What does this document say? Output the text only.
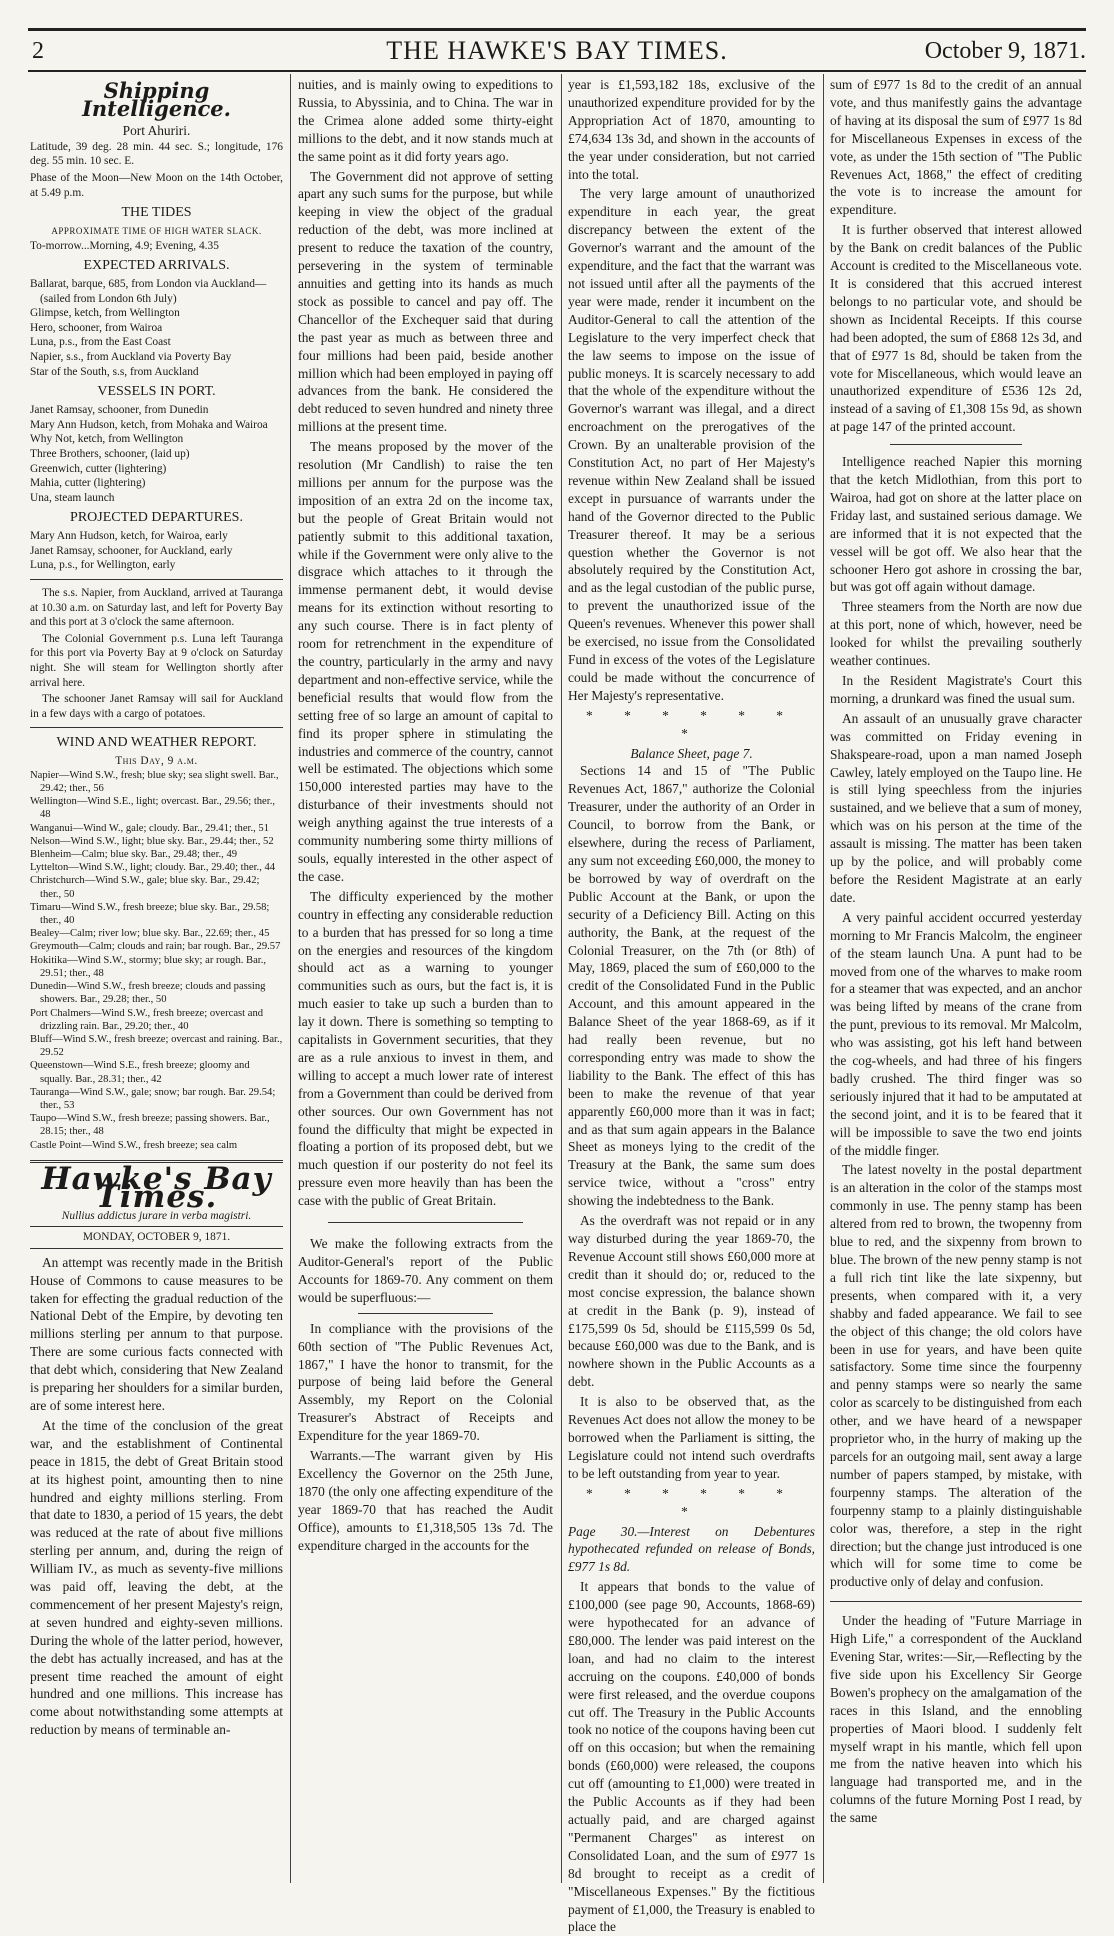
2	THE HAWKE'S BAY TIMES.	October 9, 1871.
Shipping Intelligence.
Port Ahuriri.

Latitude, 39 deg. 28 min. 44 sec. S.; longitude, 176 deg. 55 min. 10 sec. E.

Phase of the Moon—New Moon on the 14th October, at 5.49 p.m.

THE TIDES
APPROXIMATE TIME OF HIGH WATER SLACK.

To-morrow...Morning, 4.9; Evening, 4.35

EXPECTED ARRIVALS.
Ballarat, barque, 685, from London via Auckland—(sailed from London 6th July)
Glimpse, ketch, from Wellington
Hero, schooner, from Wairoa
Luna, p.s., from the East Coast
Napier, s.s., from Auckland via Poverty Bay
Star of the South, s.s, from Auckland
VESSELS IN PORT.
Janet Ramsay, schooner, from Dunedin
Mary Ann Hudson, ketch, from Mohaka and Wairoa
Why Not, ketch, from Wellington
Three Brothers, schooner, (laid up)
Greenwich, cutter (lightering)
Mahia, cutter (lightering)
Una, steam launch
PROJECTED DEPARTURES.
Mary Ann Hudson, ketch, for Wairoa, early
Janet Ramsay, schooner, for Auckland, early
Luna, p.s., for Wellington, early

The s.s. Napier, from Auckland, arrived at Tauranga at 10.30 a.m. on Saturday last, and left for Poverty Bay and this port at 3 o'clock the same afternoon.

The Colonial Government p.s. Luna left Tauranga for this port via Poverty Bay at 9 o'clock on Saturday night. She will steam for Wellington shortly after arrival here.

The schooner Janet Ramsay will sail for Auckland in a few days with a cargo of potatoes.

WIND AND WEATHER REPORT.
This Day, 9 a.m.
Napier—Wind S.W., fresh; blue sky; sea slight swell. Bar., 29.42; ther., 56
Wellington—Wind S.E., light; overcast. Bar., 29.56; ther., 48
Wanganui—Wind W., gale; cloudy. Bar., 29.41; ther., 51
Nelson—Wind S.W., light; blue sky. Bar., 29.44; ther., 52
Blenheim—Calm; blue sky. Bar., 29.48; ther., 49
Lyttelton—Wind S.W., light; cloudy. Bar., 29.40; ther., 44
Christchurch—Wind S.W., gale; blue sky. Bar., 29.42; ther., 50
Timaru—Wind S.W., fresh breeze; blue sky. Bar., 29.58; ther., 40
Bealey—Calm; river low; blue sky. Bar., 22.69; ther., 45
Greymouth—Calm; clouds and rain; bar rough. Bar., 29.57
Hokitika—Wind S.W., stormy; blue sky; ar rough. Bar., 29.51; ther., 48
Dunedin—Wind S.W., fresh breeze; clouds and passing showers. Bar., 29.28; ther., 50
Port Chalmers—Wind S.W., fresh breeze; overcast and drizzling rain. Bar., 29.20; ther., 40
Bluff—Wind S.W., fresh breeze; overcast and raining. Bar., 29.52
Queenstown—Wind S.E., fresh breeze; gloomy and squally. Bar., 28.31; ther., 42
Tauranga—Wind S.W., gale; snow; bar rough. Bar. 29.54; ther., 53
Taupo—Wind S.W., fresh breeze; passing showers. Bar., 28.15; ther., 48
Castle Point—Wind S.W., fresh breeze; sea calm
Hawke's Bay Times.
Nullius addictus jurare in verba magistri.
MONDAY, OCTOBER 9, 1871.

An attempt was recently made in the British House of Commons to cause measures to be taken for effecting the gradual reduction of the National Debt of the Empire, by devoting ten millions sterling per annum to that purpose. There are some curious facts connected with that debt which, considering that New Zealand is preparing her shoulders for a similar burden, are of some interest here.

At the time of the conclusion of the great war, and the establishment of Continental peace in 1815, the debt of Great Britain stood at its highest point, amounting then to nine hundred and eighty millions sterling. From that date to 1830, a period of 15 years, the debt was reduced at the rate of about five millions sterling per annum, and, during the reign of William IV., as much as seventy-five millions was paid off, leaving the debt, at the commencement of her present Majesty's reign, at seven hundred and eighty-seven millions. During the whole of the latter period, however, the debt has actually increased, and has at the present time reached the amount of eight hundred and one millions. This increase has come about notwithstanding some attempts at reduction by means of terminable an-

nuities, and is mainly owing to expeditions to Russia, to Abyssinia, and to China. The war in the Crimea alone added some thirty-eight millions to the debt, and it now stands much at the same point as it did forty years ago.

The Government did not approve of setting apart any such sums for the purpose, but while keeping in view the object of the gradual reduction of the debt, was more inclined at present to reduce the taxation of the country, persevering in the system of terminable annuities and getting into its hands as much stock as possible to cancel and pay off. The Chancellor of the Exchequer said that during the past year as much as between three and four millions had been paid, beside another million which had been employed in paying off advances from the bank. He considered the debt reduced to seven hundred and ninety three millions at the present time.

The means proposed by the mover of the resolution (Mr Candlish) to raise the ten millions per annum for the purpose was the imposition of an extra 2d on the income tax, but the people of Great Britain would not patiently submit to this additional taxation, while if the Government were only alive to the disgrace which attaches to it through the immense permanent debt, it would devise means for its extinction without resorting to any such course. There is in fact plenty of room for retrenchment in the expenditure of the country, particularly in the army and navy department and non-effective service, while the beneficial results that would flow from the setting free of so large an amount of capital to find its proper sphere in stimulating the industries and commerce of the country, cannot well be estimated. The objections which some 150,000 interested parties may have to the disturbance of their investments should not weigh anything against the true interests of a community numbering some thirty millions of souls, equally interested in the other aspect of the case.

The difficulty experienced by the mother country in effecting any considerable reduction to a burden that has pressed for so long a time on the energies and resources of the kingdom should act as a warning to younger communities such as ours, but the fact is, it is much easier to take up such a burden than to lay it down. There is something so tempting to capitalists in Government securities, that they are as a rule anxious to invest in them, and willing to accept a much lower rate of interest from a Government than could be derived from other sources. Our own Government has not found the difficulty that might be expected in floating a portion of its proposed debt, but we much question if our posterity do not feel its pressure even more heavily than has been the case with the public of Great Britain.

We make the following extracts from the Auditor-General's report of the Public Accounts for 1869-70. Any comment on them would be superfluous:—

In compliance with the provisions of the 60th section of "The Public Revenues Act, 1867," I have the honor to transmit, for the purpose of being laid before the General Assembly, my Report on the Colonial Treasurer's Abstract of Receipts and Expenditure for the year 1869-70.

Warrants.—The warrant given by His Excellency the Governor on the 25th June, 1870 (the only one affecting expenditure of the year 1869-70 that has reached the Audit Office), amounts to £1,318,505 13s 7d. The expenditure charged in the accounts for the

year is £1,593,182 18s, exclusive of the unauthorized expenditure provided for by the Appropriation Act of 1870, amounting to £74,634 13s 3d, and shown in the accounts of the year under consideration, but not carried into the total.

The very large amount of unauthorized expenditure in each year, the great discrepancy between the extent of the Governor's warrant and the amount of the expenditure, and the fact that the warrant was not issued until after all the payments of the year were made, render it incumbent on the Auditor-General to call the attention of the Legislature to the very imperfect check that the law seems to impose on the issue of public moneys. It is scarcely necessary to add that the whole of the expenditure without the Governor's warrant was illegal, and a direct encroachment on the prerogatives of the Crown. By an unalterable provision of the Constitution Act, no part of Her Majesty's revenue within New Zealand shall be issued except in pursuance of warrants under the hand of the Governor directed to the Public Treasurer thereof. It may be a serious question whether the Governor is not absolutely required by the Constitution Act, and as the legal custodian of the public purse, to prevent the unauthorized issue of the Queen's revenues. Whenever this power shall be exercised, no issue from the Consolidated Fund in excess of the votes of the Legislature could be made without the concurrence of Her Majesty's representative.

* * * * * * *
Balance Sheet, page 7.

Sections 14 and 15 of "The Public Revenues Act, 1867," authorize the Colonial Treasurer, under the authority of an Order in Council, to borrow from the Bank, or elsewhere, during the recess of Parliament, any sum not exceeding £60,000, the money to be borrowed by way of overdraft on the Public Account at the Bank, or upon the security of a Deficiency Bill. Acting on this authority, the Bank, at the request of the Colonial Treasurer, on the 7th (or 8th) of May, 1869, placed the sum of £60,000 to the credit of the Consolidated Fund in the Public Account, and this amount appeared in the Balance Sheet of the year 1868-69, as if it had really been revenue, but no corresponding entry was made to show the liability to the Bank. The effect of this has been to make the revenue of that year apparently £60,000 more than it was in fact; and as that sum again appears in the Balance Sheet as moneys lying to the credit of the Treasury at the Bank, the same sum does service twice, without a "cross" entry showing the indebtedness to the Bank.

As the overdraft was not repaid or in any way disturbed during the year 1869-70, the Revenue Account still shows £60,000 more at credit than it should do; or, reduced to the most concise expression, the balance shown at credit in the Bank (p. 9), instead of £175,599 0s 5d, should be £115,599 0s 5d, because £60,000 was due to the Bank, and is nowhere shown in the Public Accounts as a debt.

It is also to be observed that, as the Revenues Act does not allow the money to be borrowed when the Parliament is sitting, the Legislature could not intend such overdrafts to be left outstanding from year to year.

* * * * * * *

Page 30.—Interest on Debentures hypothecated refunded on release of Bonds, £977 1s 8d.

It appears that bonds to the value of £100,000 (see page 90, Accounts, 1868-69) were hypothecated for an advance of £80,000. The lender was paid interest on the loan, and had no claim to the interest accruing on the coupons. £40,000 of bonds were first released, and the overdue coupons cut off. The Treasury in the Public Accounts took no notice of the coupons having been cut off on this occasion; but when the remaining bonds (£60,000) were released, the coupons cut off (amounting to £1,000) were treated in the Public Accounts as if they had been actually paid, and are charged against "Permanent Charges" as interest on Consolidated Loan, and the sum of £977 1s 8d brought to receipt as a credit of "Miscellaneous Expenses." By the fictitious payment of £1,000, the Treasury is enabled to place the

sum of £977 1s 8d to the credit of an annual vote, and thus manifestly gains the advantage of having at its disposal the sum of £977 1s 8d for Miscellaneous Expenses in excess of the vote, as under the 15th section of "The Public Revenues Act, 1868," the effect of crediting the vote is to increase the amount for expenditure.

It is further observed that interest allowed by the Bank on credit balances of the Public Account is credited to the Miscellaneous vote. It is considered that this accrued interest belongs to no particular vote, and should be shown as Incidental Receipts. If this course had been adopted, the sum of £868 12s 3d, and that of £977 1s 8d, should be taken from the vote for Miscellaneous, which would leave an unauthorized expenditure of £536 12s 2d, instead of a saving of £1,308 15s 9d, as shown at page 147 of the printed account.

Intelligence reached Napier this morning that the ketch Midlothian, from this port to Wairoa, had got on shore at the latter place on Friday last, and sustained serious damage. We are informed that it is not expected that the vessel will be got off. We also hear that the schooner Hero got ashore in crossing the bar, but was got off again without damage.

Three steamers from the North are now due at this port, none of which, however, need be looked for whilst the prevailing southerly weather continues.

In the Resident Magistrate's Court this morning, a drunkard was fined the usual sum.

An assault of an unusually grave character was committed on Friday evening in Shakspeare-road, upon a man named Joseph Cawley, lately employed on the Taupo line. He is still lying speechless from the injuries sustained, and we believe that a sum of money, which was on his person at the time of the assault is missing. The matter has been taken up by the police, and will probably come before the Resident Magistrate at an early date.

A very painful accident occurred yesterday morning to Mr Francis Malcolm, the engineer of the steam launch Una. A punt had to be moved from one of the wharves to make room for a steamer that was expected, and an anchor was being lifted by means of the crane from the punt, previous to its removal. Mr Malcolm, who was assisting, got his left hand between the cog-wheels, and had three of his fingers badly crushed. The third finger was so seriously injured that it had to be amputated at the second joint, and it is to be feared that it will be impossible to save the two end joints of the middle finger.

The latest novelty in the postal department is an alteration in the color of the stamps most commonly in use. The penny stamp has been altered from red to brown, the twopenny from blue to red, and the sixpenny from brown to blue. The brown of the new penny stamp is not a full rich tint like the late sixpenny, but presents, when compared with it, a very shabby and faded appearance. We fail to see the object of this change; the old colors have been in use for years, and have been quite satisfactory. Some time since the fourpenny and penny stamps were so nearly the same color as scarcely to be distinguished from each other, and we have heard of a newspaper proprietor who, in the hurry of making up the parcels for an outgoing mail, sent away a large number of papers stamped, by mistake, with fourpenny stamps. The alteration of the fourpenny stamp to a plainly distinguishable color was, therefore, a step in the right direction; but the change just introduced is one which will for some time to come be productive only of delay and confusion.

Under the heading of "Future Marriage in High Life," a correspondent of the Auckland Evening Star, writes:—Sir,—Reflecting by the five side upon his Excellency Sir George Bowen's prophecy on the amalgamation of the races in this Island, and the ennobling properties of Maori blood. I suddenly felt myself wrapt in his mantle, which fell upon me from the native heaven into which his language had transported me, and in the columns of the future Morning Post I read, by the same
